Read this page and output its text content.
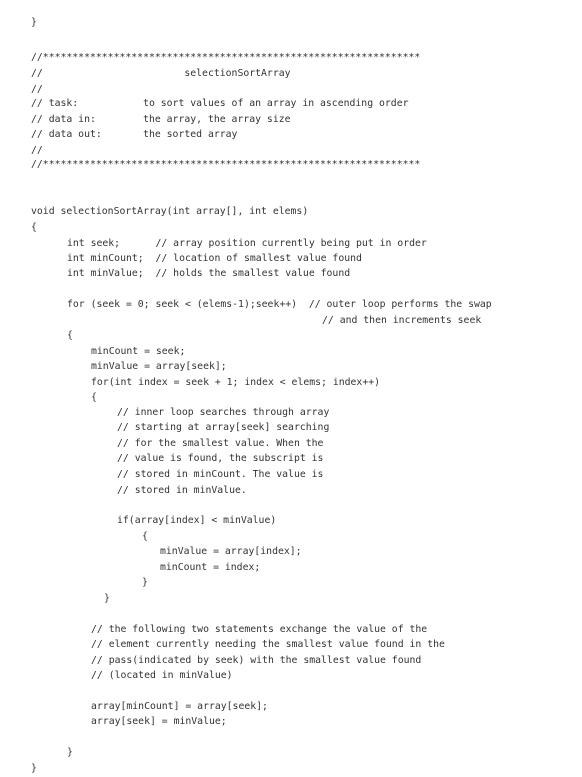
}
//****************************************************************
//                        selectionSortArray
//
// task:           to sort values of an array in ascending order
// data in:        the array, the array size
// data out:       the sorted array
//
//****************************************************************
void selectionSortArray(int array[], int elems)
{
int seek;      // array position currently being put in order
int minCount;  // location of smallest value found
int minValue;  // holds the smallest value found
for (seek = 0; seek < (elems-1);seek++)  // outer loop performs the swap
// and then increments seek
{
minCount = seek;
minValue = array[seek];
for(int index = seek + 1; index < elems; index++)
{
// inner loop searches through array
// starting at array[seek] searching
// for the smallest value. When the
// value is found, the subscript is
// stored in minCount. The value is
// stored in minValue.
if(array[index] < minValue)
{
minValue = array[index];
minCount = index;
}
}
// the following two statements exchange the value of the
// element currently needing the smallest value found in the
// pass(indicated by seek) with the smallest value found
// (located in minValue)
array[minCount] = array[seek];
array[seek] = minValue;
}
}
